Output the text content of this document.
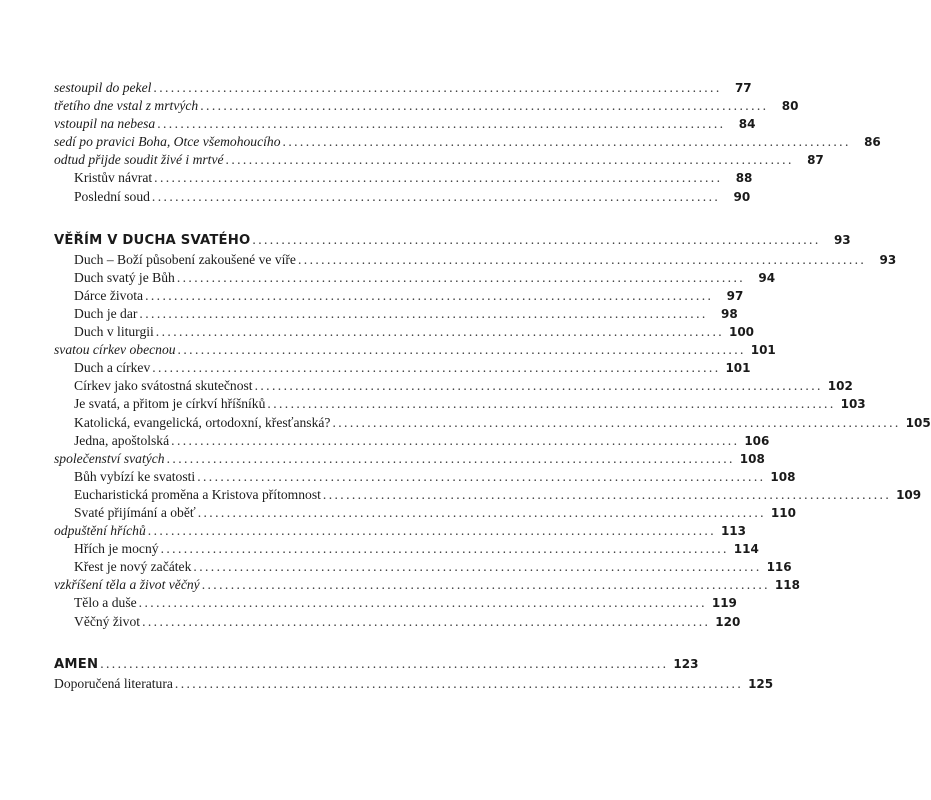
sestoupil do pekel ..................................................................................................	77
třetího dne vstal z mrtvých ..................................................................................................	80
vstoupil na nebesa ..................................................................................................	84
sedí po pravici Boha, Otce všemohoucího ..................................................................................................	86
odtud přijde soudit živé i mrtvé ..................................................................................................	87
Kristův návrat ..................................................................................................	88
Poslední soud ..................................................................................................	90
VĚŘÍM V DUCHA SVATÉHO ..................................................................................................	93
Duch – Boží působení zakoušené ve víře ..................................................................................................	93
Duch svatý je Bůh ..................................................................................................	94
Dárce života ..................................................................................................	97
Duch je dar ..................................................................................................	98
Duch v liturgii .................................................................................................. 100
svatou církev obecnou .................................................................................................. 101
Duch a církev .................................................................................................. 101
Církev jako svátostná skutečnost .................................................................................................. 102
Je svatá, a přitom je církví hříšníků .................................................................................................. 103
Katolická, evangelická, ortodoxní, křesťanská? .................................................................................................. 105
Jedna, apoštolská .................................................................................................. 106
společenství svatých .................................................................................................. 108
Bůh vybízí ke svatosti .................................................................................................. 108
Eucharistická proměna a Kristova přítomnost .................................................................................................. 109
Svaté přijímání a oběť .................................................................................................. 110
odpuštění hříchů .................................................................................................. 113
Hřích je mocný .................................................................................................. 114
Křest je nový začátek .................................................................................................. 116
vzkříšení těla a život věčný .................................................................................................. 118
Tělo a duše .................................................................................................. 119
Věčný život .................................................................................................. 120
AMEN .................................................................................................. 123
Doporučená literatura .................................................................................................. 125
